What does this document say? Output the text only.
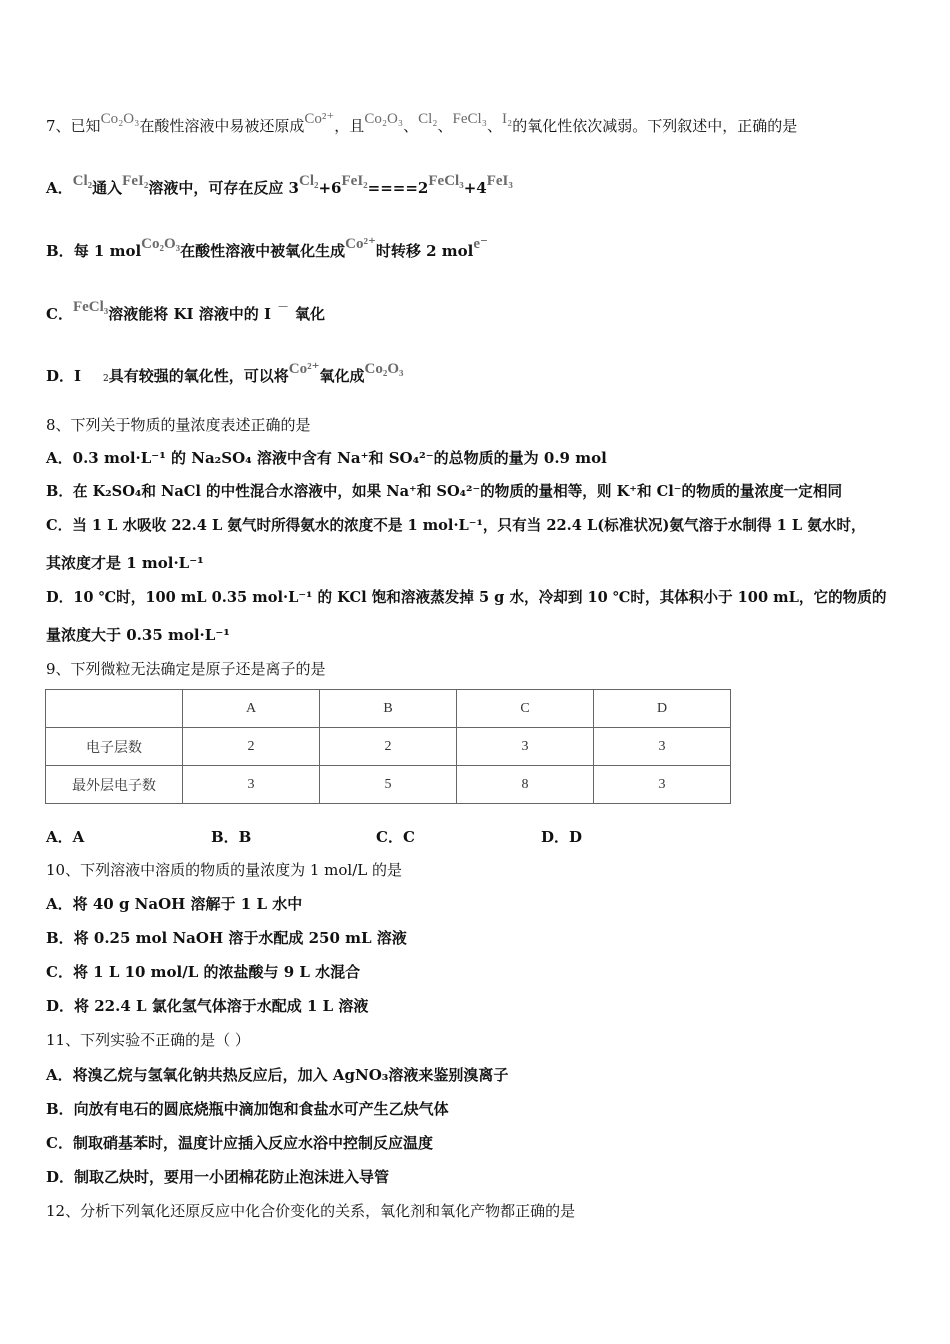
7、已知Co₂O₃在酸性溶液中易被还原成Co²⁺，且Co₂O₃、Cl₂、FeCl₃、I₂的氧化性依次减弱。下列叙述中，正确的是
A．Cl₂通入FeI₂溶液中，可存在反应 3Cl₂+6FeI₂====2FeCl₃+4FeI₃
B．每 1 molCo₂O₃在酸性溶液中被氧化生成Co²⁺时转移 2 mole⁻
C．FeCl₃溶液能将 KI 溶液中的 I － 氧化
D．I 2具有较强的氧化性，可以将Co²⁺氧化成Co₂O₃
8、下列关于物质的量浓度表述正确的是
A．0.3 mol·L⁻¹ 的 Na₂SO₄ 溶液中含有 Na⁺和 SO₄²⁻的总物质的量为 0.9 mol
B．在 K₂SO₄和 NaCl 的中性混合水溶液中，如果 Na⁺和 SO₄²⁻的物质的量相等，则 K⁺和 Cl⁻的物质的量浓度一定相同
C．当 1 L 水吸收 22.4 L 氨气时所得氨水的浓度不是 1 mol·L⁻¹，只有当 22.4 L(标准状况)氨气溶于水制得 1 L 氨水时，
其浓度才是 1 mol·L⁻¹
D．10 ℃时，100 mL 0.35 mol·L⁻¹ 的 KCl 饱和溶液蒸发掉 5 g 水，冷却到 10 ℃时，其体积小于 100 mL，它的物质的
量浓度大于 0.35 mol·L⁻¹
9、下列微粒无法确定是原子还是离子的是
	A	B	C	D
电子层数	2	2	3	3
最外层电子数	3	5	8	3
A．A	B．B	C．C	D．D
10、下列溶液中溶质的物质的量浓度为 1 mol/L 的是
A．将 40 g NaOH 溶解于 1 L 水中
B．将 0.25 mol NaOH 溶于水配成 250 mL 溶液
C．将 1 L 10 mol/L 的浓盐酸与 9 L 水混合
D．将 22.4 L 氯化氢气体溶于水配成 1 L 溶液
11、下列实验不正确的是（ ）
A．将溴乙烷与氢氧化钠共热反应后，加入 AgNO₃溶液来鉴别溴离子
B．向放有电石的圆底烧瓶中滴加饱和食盐水可产生乙炔气体
C．制取硝基苯时，温度计应插入反应水浴中控制反应温度
D．制取乙炔时，要用一小团棉花防止泡沫进入导管
12、分析下列氧化还原反应中化合价变化的关系，氧化剂和氧化产物都正确的是
